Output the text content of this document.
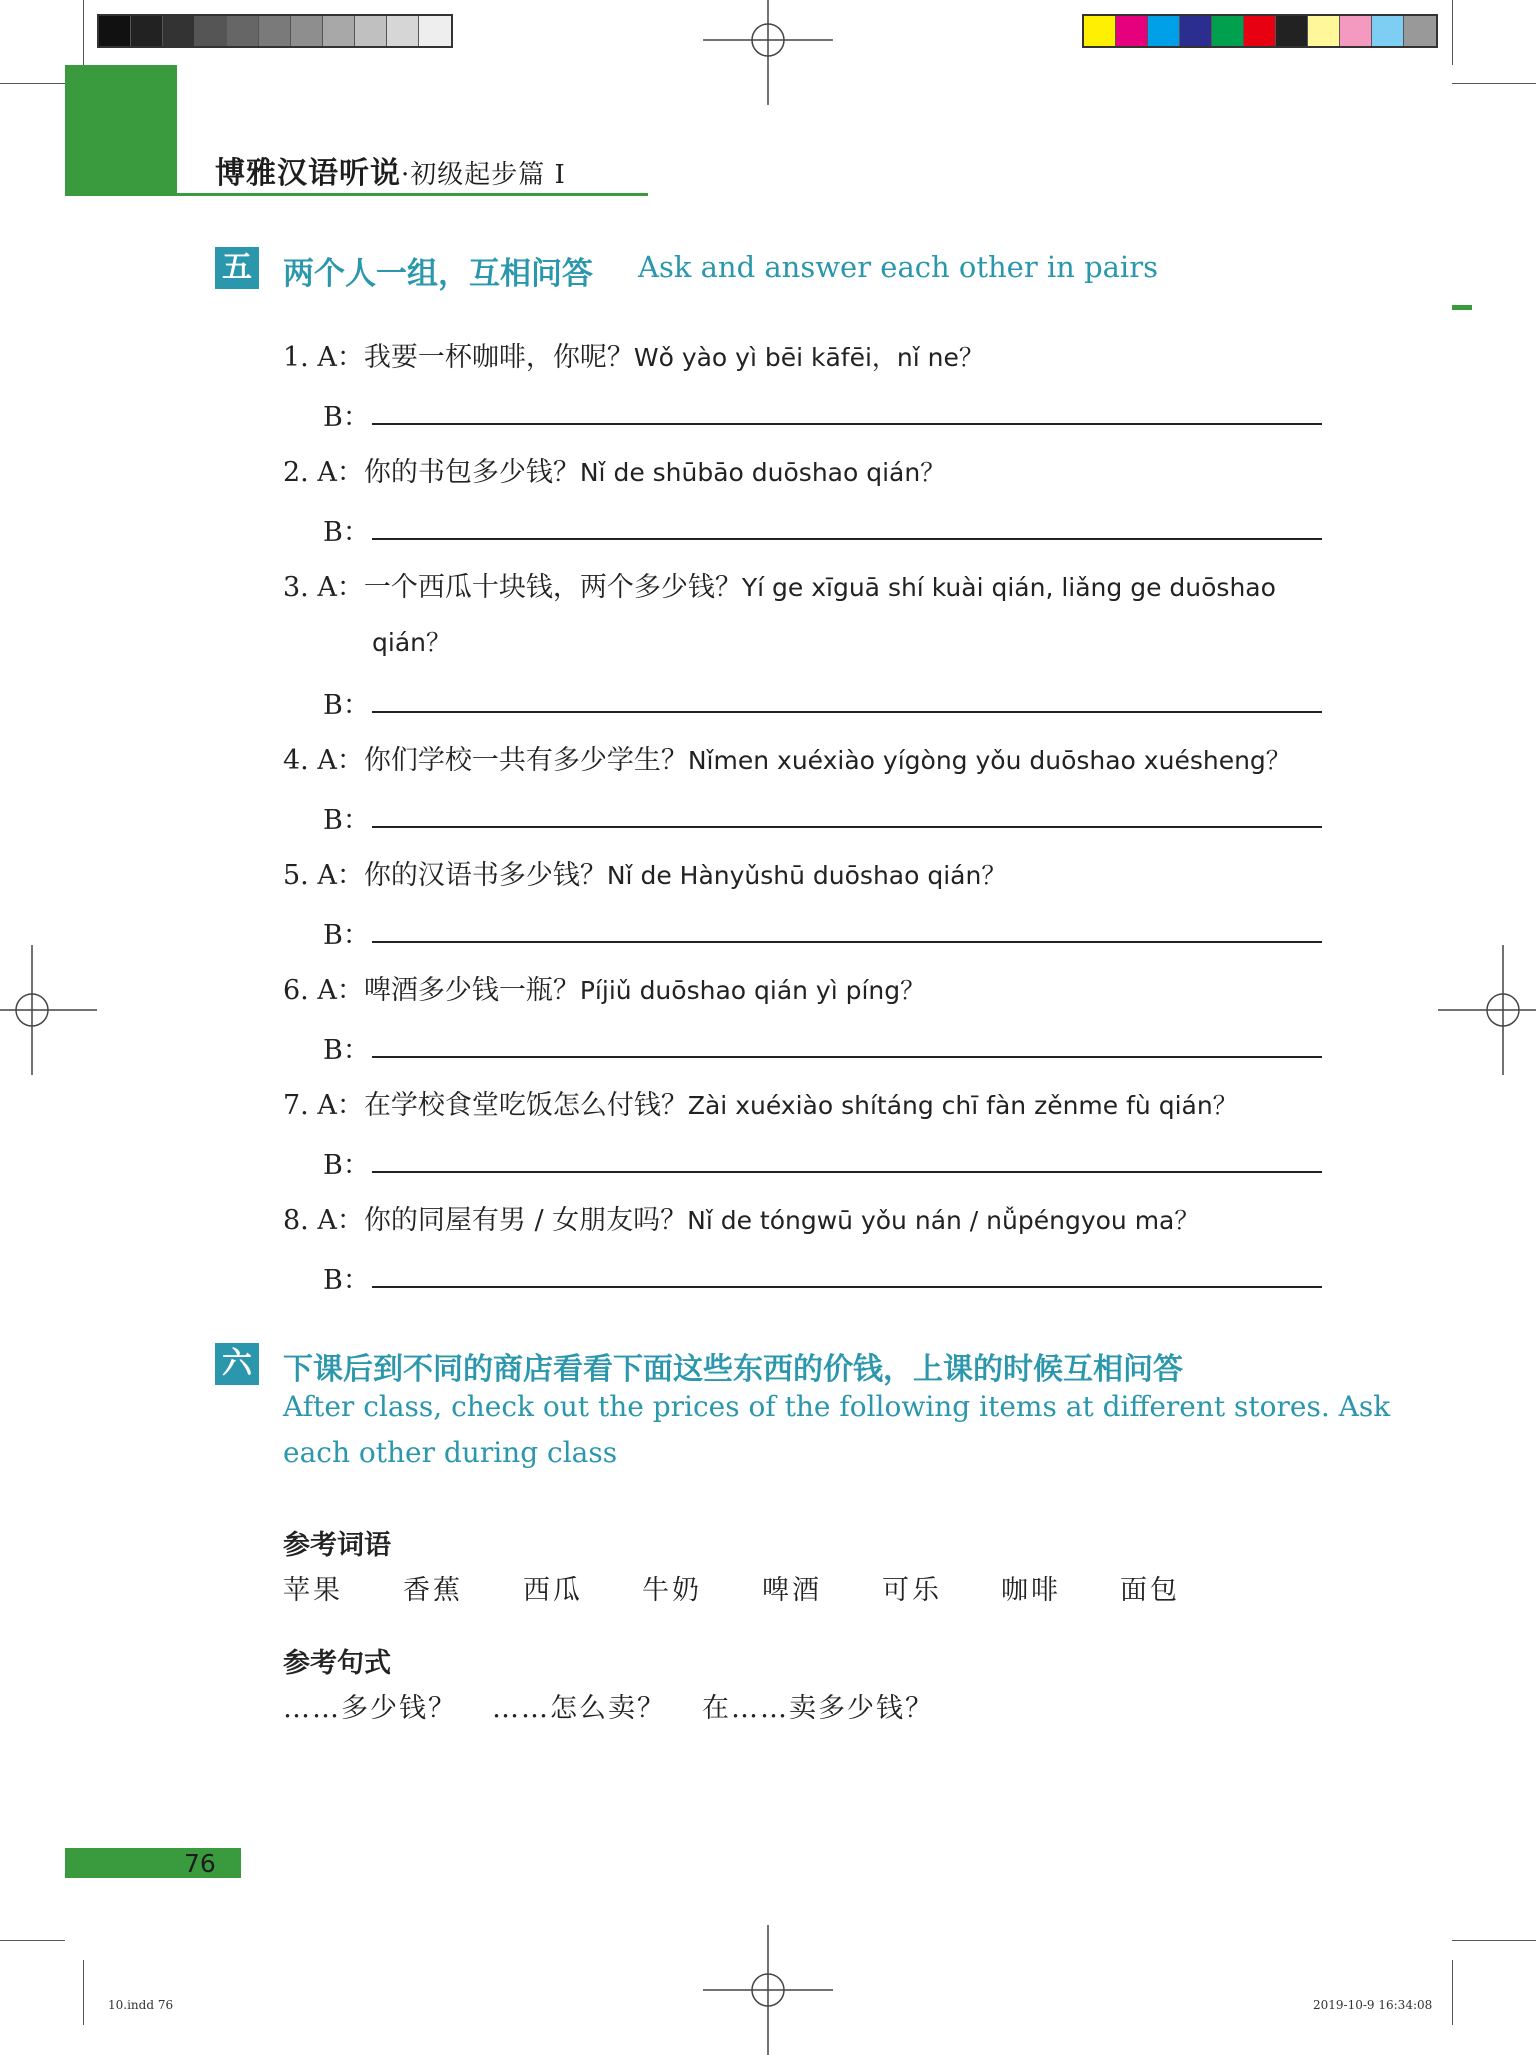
博雅汉语听说·初级起步篇 I
五 两个人一组，互相问答 Ask and answer each other in pairs
1. A：我要一杯咖啡，你呢？Wǒ yào yì bēi kāfēi，nǐ ne？
B：
2. A：你的书包多少钱？Nǐ de shūbāo duōshao qián？
B：
3. A：一个西瓜十块钱，两个多少钱？Yí ge xīguā shí kuài qián, liǎng ge duōshao
qián？
B：
4. A：你们学校一共有多少学生？Nǐmen xuéxiào yígòng yǒu duōshao xuésheng？
B：
5. A：你的汉语书多少钱？Nǐ de Hànyǔshū duōshao qián？
B：
6. A：啤酒多少钱一瓶？Píjiǔ duōshao qián yì píng？
B：
7. A：在学校食堂吃饭怎么付钱？Zài xuéxiào shítáng chī fàn zěnme fù qián？
B：
8. A：你的同屋有男 / 女朋友吗？Nǐ de tóngwū yǒu nán / nǚpéngyou ma？
B：
六 下课后到不同的商店看看下面这些东西的价钱，上课的时候互相问答
After class, check out the prices of the following items at different stores. Ask
each other during class
参考词语
苹果 香蕉 西瓜 牛奶 啤酒 可乐 咖啡 面包
参考句式
……多少钱？ ……怎么卖？ 在……卖多少钱？
76
10.indd 76	2019-10-9 16:34:08
